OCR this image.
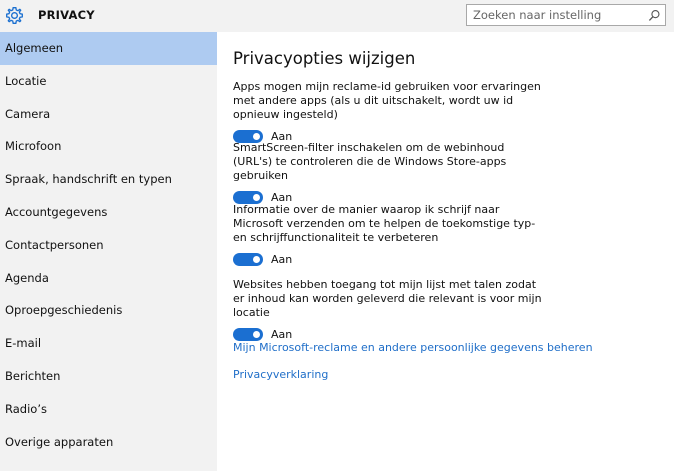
PRIVACY
Zoeken naar instelling
Algemeen
Locatie
Camera
Microfoon
Spraak, handschrift en typen
Accountgegevens
Contactpersonen
Agenda
Oproepgeschiedenis
E-mail
Berichten
Radio’s
Overige apparaten
Privacyopties wijzigen
Apps mogen mijn reclame-id gebruiken voor ervaringen met andere apps (als u dit uitschakelt, wordt uw id opnieuw ingesteld)
Aan
SmartScreen-filter inschakelen om de webinhoud (URL's) te controleren die de Windows Store-apps gebruiken
Aan
Informatie over de manier waarop ik schrijf naar Microsoft verzenden om te helpen de toekomstige typ- en schrijffunctionaliteit te verbeteren
Aan
Websites hebben toegang tot mijn lijst met talen zodat er inhoud kan worden geleverd die relevant is voor mijn locatie
Aan
Mijn Microsoft-reclame en andere persoonlijke gegevens beheren
Privacyverklaring
